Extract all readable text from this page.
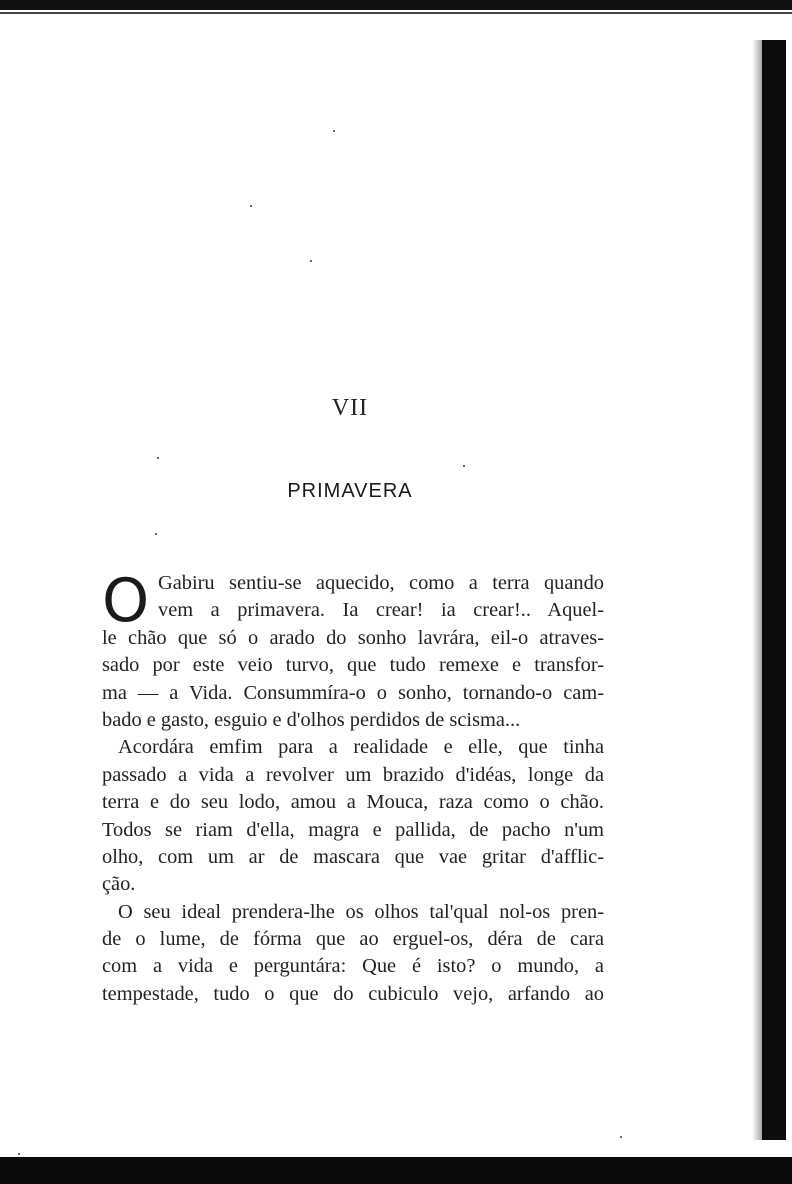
VII
PRIMAVERA
O Gabiru sentiu-se aquecido, como a terra quando
vem a primavera. Ia crear! ia crear!.. Aquel-
le chão que só o arado do sonho lavrára, eil-o atraves-
sado por este veio turvo, que tudo remexe e transfor-
ma — a Vida. Consummíra-o o sonho, tornando-o cam-
bado e gasto, esguio e d'olhos perdidos de scisma...
Acordára emfim para a realidade e elle, que tinha
passado a vida a revolver um brazido d'idéas, longe da
terra e do seu lodo, amou a Mouca, raza como o chão.
Todos se riam d'ella, magra e pallida, de pacho n'um
olho, com um ar de mascara que vae gritar d'afflic-
ção.
O seu ideal prendera-lhe os olhos tal'qual nol-os pren-
de o lume, de fórma que ao erguel-os, déra de cara
com a vida e perguntára: Que é isto? o mundo, a
tempestade, tudo o que do cubiculo vejo, arfando ao
